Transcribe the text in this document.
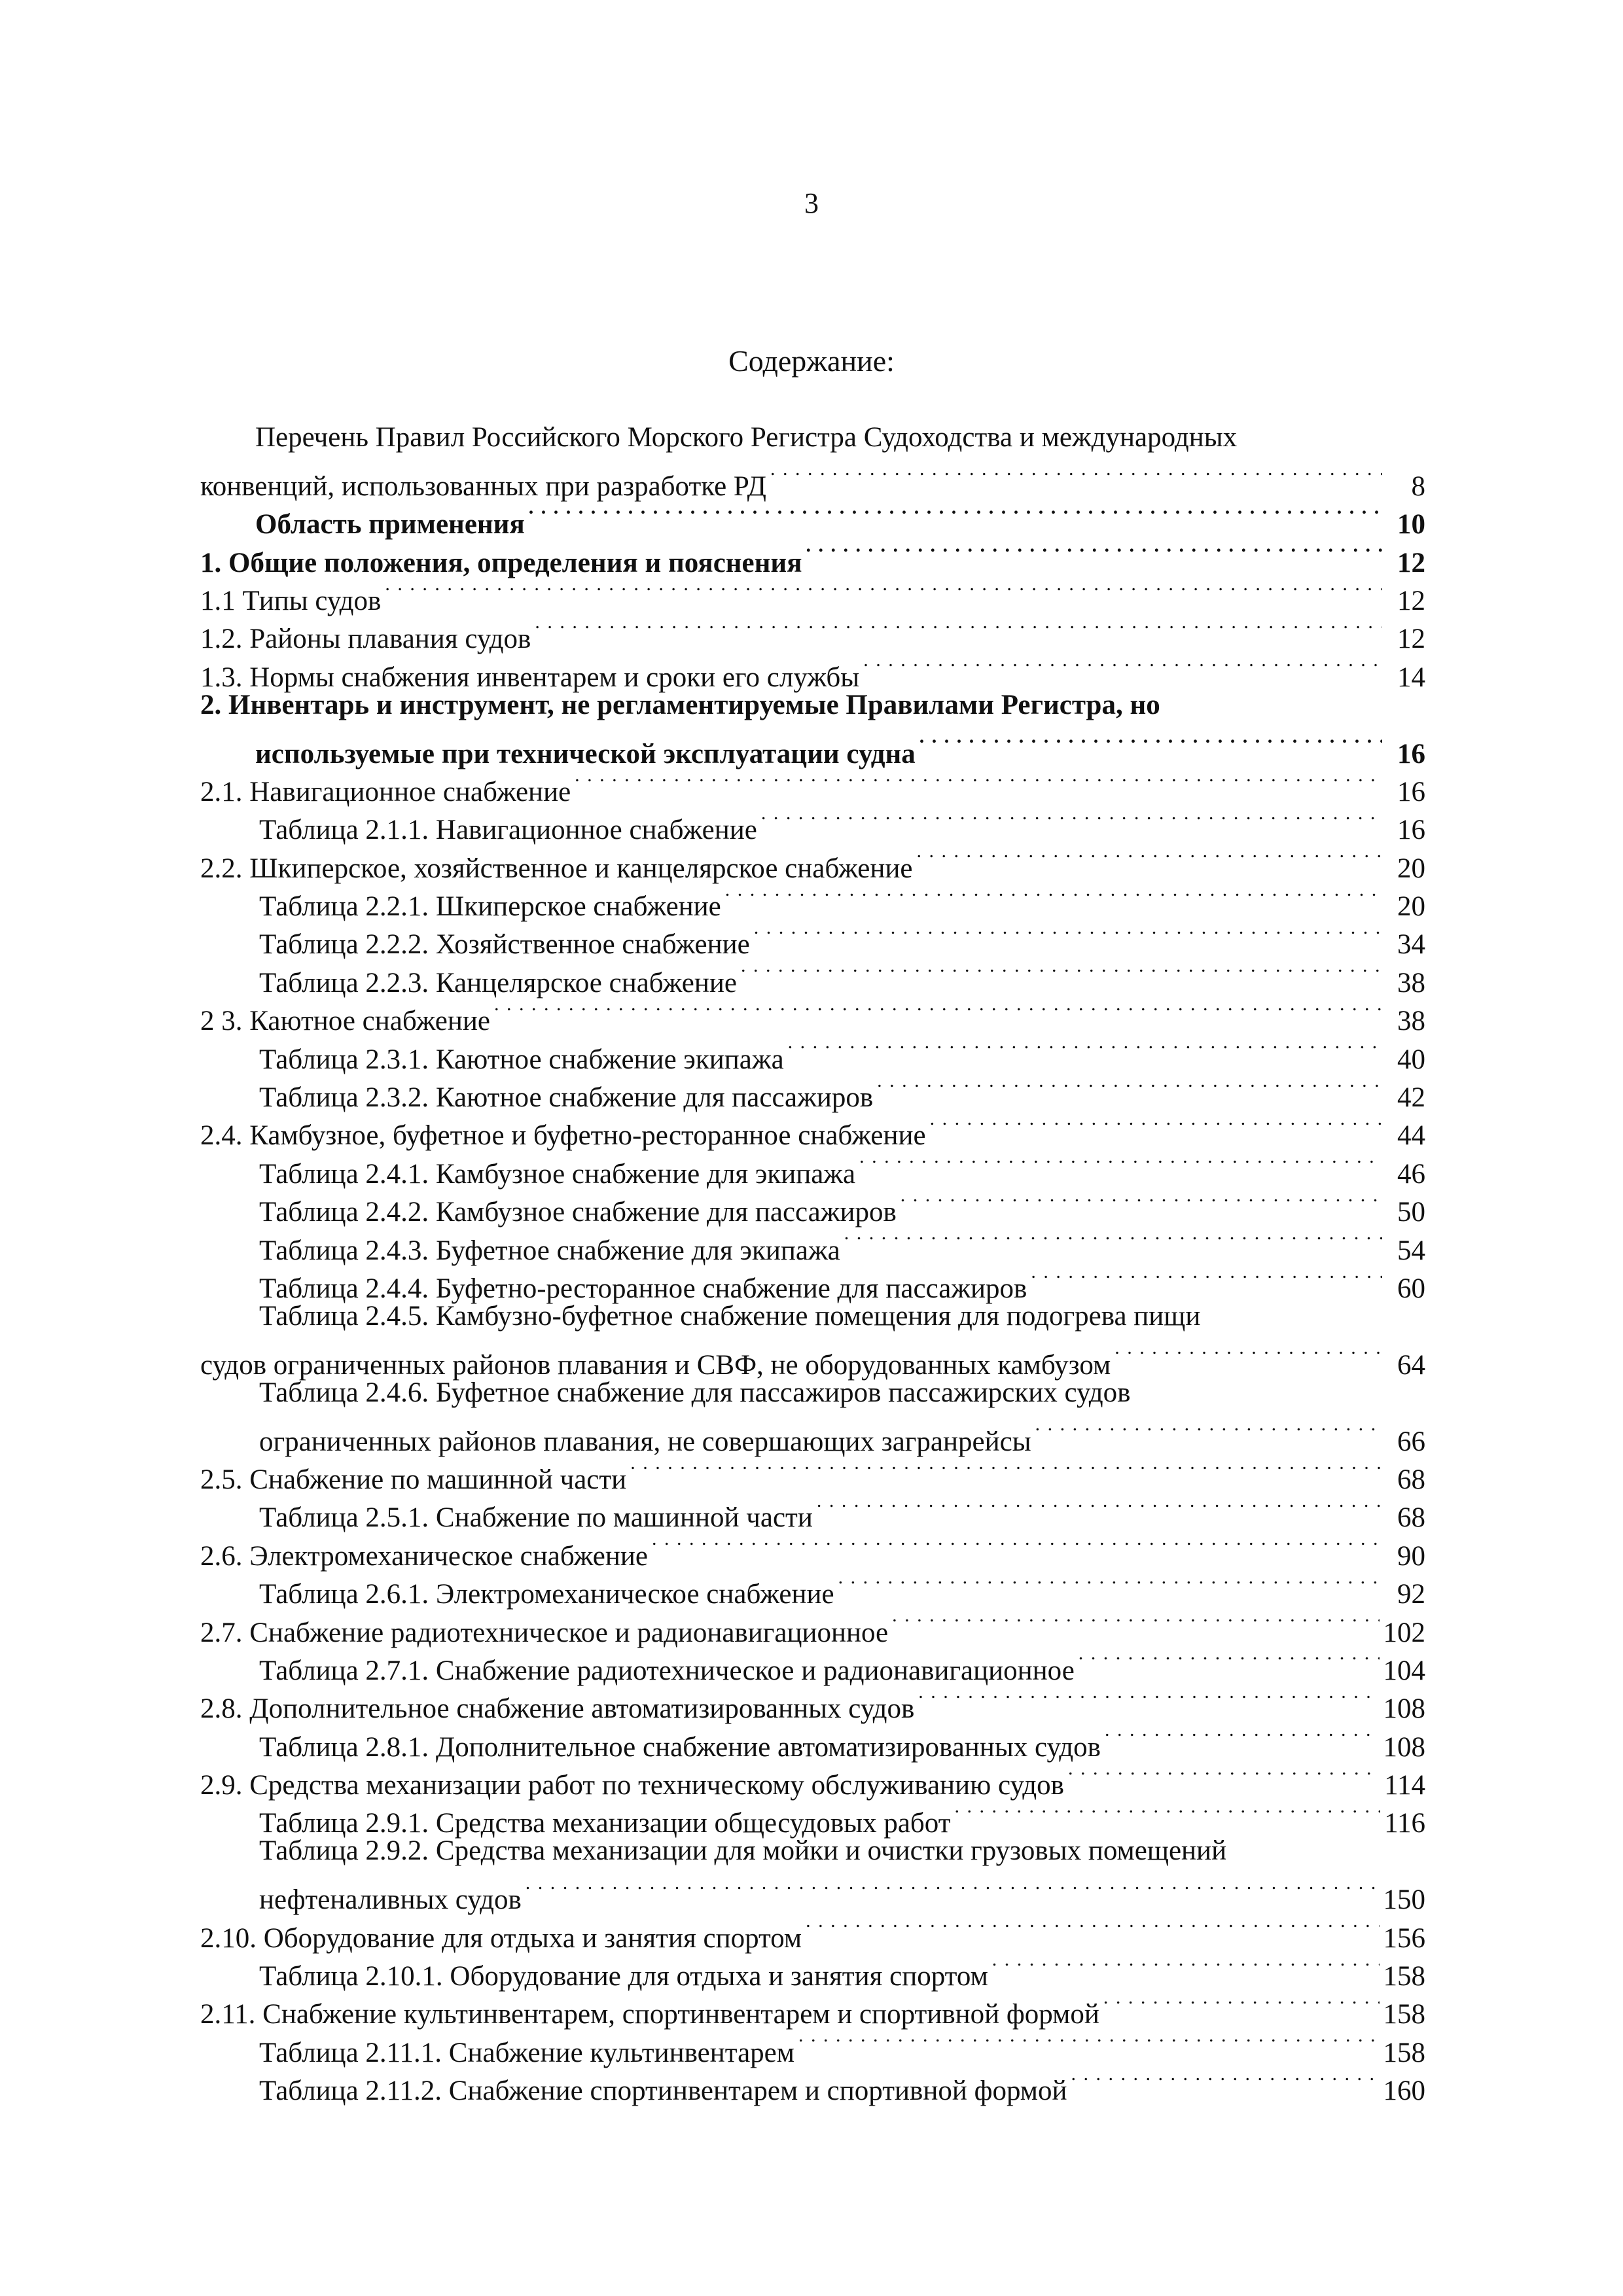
3
Содержание:
Перечень Правил Российского Морского Регистра Судоходства и международных
конвенций, использованных при разработке РД . . .	8
Область применения . . .	10
1. Общие положения, определения и пояснения . . .	12
1.1 Типы судов . . .	12
1.2. Районы плавания судов . . .	12
1.3. Нормы снабжения инвентарем и сроки его службы . . .	14
2. Инвентарь и инструмент, не регламентируемые Правилами Регистра, но
используемые при технической эксплуатации судна . . .	16
2.1. Навигационное снабжение . . .	16
Таблица 2.1.1. Навигационное снабжение . . .	16
2.2. Шкиперское, хозяйственное и канцелярское снабжение . . .	20
Таблица 2.2.1. Шкиперское снабжение . . .	20
Таблица 2.2.2. Хозяйственное снабжение . . .	34
Таблица 2.2.3. Канцелярское снабжение . . .	38
2 3. Каютное снабжение . . .	38
Таблица 2.3.1. Каютное снабжение экипажа . . .	40
Таблица 2.3.2. Каютное снабжение для пассажиров . . .	42
2.4. Камбузное, буфетное и буфетно-ресторанное снабжение . . .	44
Таблица 2.4.1. Камбузное снабжение для экипажа . . .	46
Таблица 2.4.2. Камбузное снабжение для пассажиров . . .	50
Таблица 2.4.3. Буфетное снабжение для экипажа . . .	54
Таблица 2.4.4. Буфетно-ресторанное снабжение для пассажиров . . .	60
Таблица 2.4.5. Камбузно-буфетное снабжение помещения для подогрева пищи
судов ограниченных районов плавания и СВФ, не оборудованных камбузом . . .	64
Таблица 2.4.6. Буфетное снабжение для пассажиров пассажирских судов
ограниченных районов плавания, не совершающих загранрейсы . . .	66
2.5. Снабжение по машинной части . . .	68
Таблица 2.5.1. Снабжение по машинной части . . .	68
2.6. Электромеханическое снабжение . . .	90
Таблица 2.6.1. Электромеханическое снабжение . . .	92
2.7. Снабжение радиотехническое и радионавигационное . . .	102
Таблица 2.7.1. Снабжение радиотехническое и радионавигационное . . .	104
2.8. Дополнительное снабжение автоматизированных судов . . .	108
Таблица 2.8.1. Дополнительное снабжение автоматизированных судов . . .	108
2.9. Средства механизации работ по техническому обслуживанию судов . . .	114
Таблица 2.9.1. Средства механизации общесудовых работ . . .	116
Таблица 2.9.2. Средства механизации для мойки и очистки грузовых помещений
нефтеналивных судов . . .	150
2.10. Оборудование для отдыха и занятия спортом . . .	156
Таблица 2.10.1. Оборудование для отдыха и занятия спортом . . .	158
2.11. Снабжение культинвентарем, спортинвентарем и спортивной формой . . .	158
Таблица 2.11.1. Снабжение культинвентарем . . .	158
Таблица 2.11.2. Снабжение спортинвентарем и спортивной формой . . .	160
